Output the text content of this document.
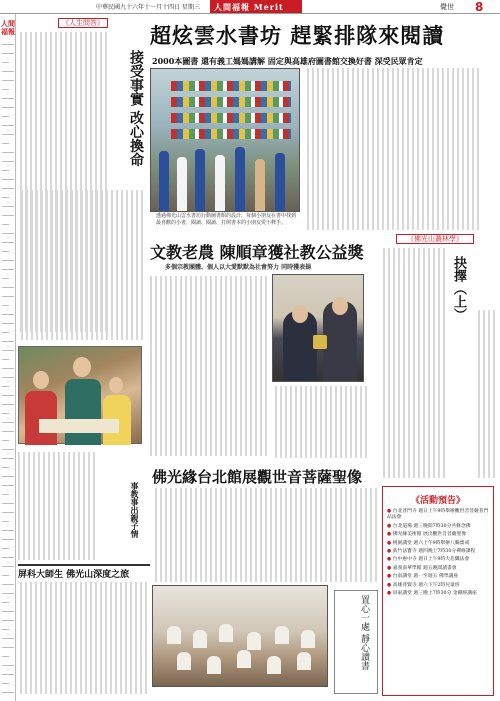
中華民國九十六年十一月十四日 星期三	人間福報 Merit Times
覺世 8
人間福報
《人生問答》
接受事實 改心換命
事教事出親子情
屏科大師生 佛光山深度之旅
超炫雲水書坊 趕緊排隊來閱讀
2000本圖書 還有義工媽媽講解 固定與高雄府圖書館交換好書 深受民眾肯定
透過佛光山雲水書坊行動圖書館的設計，每個小朋友在書中找到最喜歡的小書，閱讀、閱讀、打開書本的小朋友愛不釋手。
文教老農 陳順章獲社教公益獎
多個宗教團體、個人以大愛默默為社會努力 同時獲表揚
佛光緣台北館展觀世音菩薩聖像
置心一處 靜心讀書
《佛光山叢林學》
抉擇（上）
《活動預告》
● 台北普門寺 週日上午9時舉辦觀世音菩薩普門品法會
● 台北道場 週三晚間7時30分共修念佛
● 佛光緣美術館 展出觀世音菩薩聖像
● 桃園講堂 週六上午9時舉辦八關齋戒
● 新竹法寶寺 週四晚上7時30分禪修課程
● 台中惠中寺 週日上午9時大悲懺法會
● 嘉義南華學館 週五晚間讀書會
● 台南講堂 週一至週五 佛學講座
● 高雄普賢寺 週六下午2時兒童班
● 屏東講堂 週三晚上7時30分 金剛經講座
